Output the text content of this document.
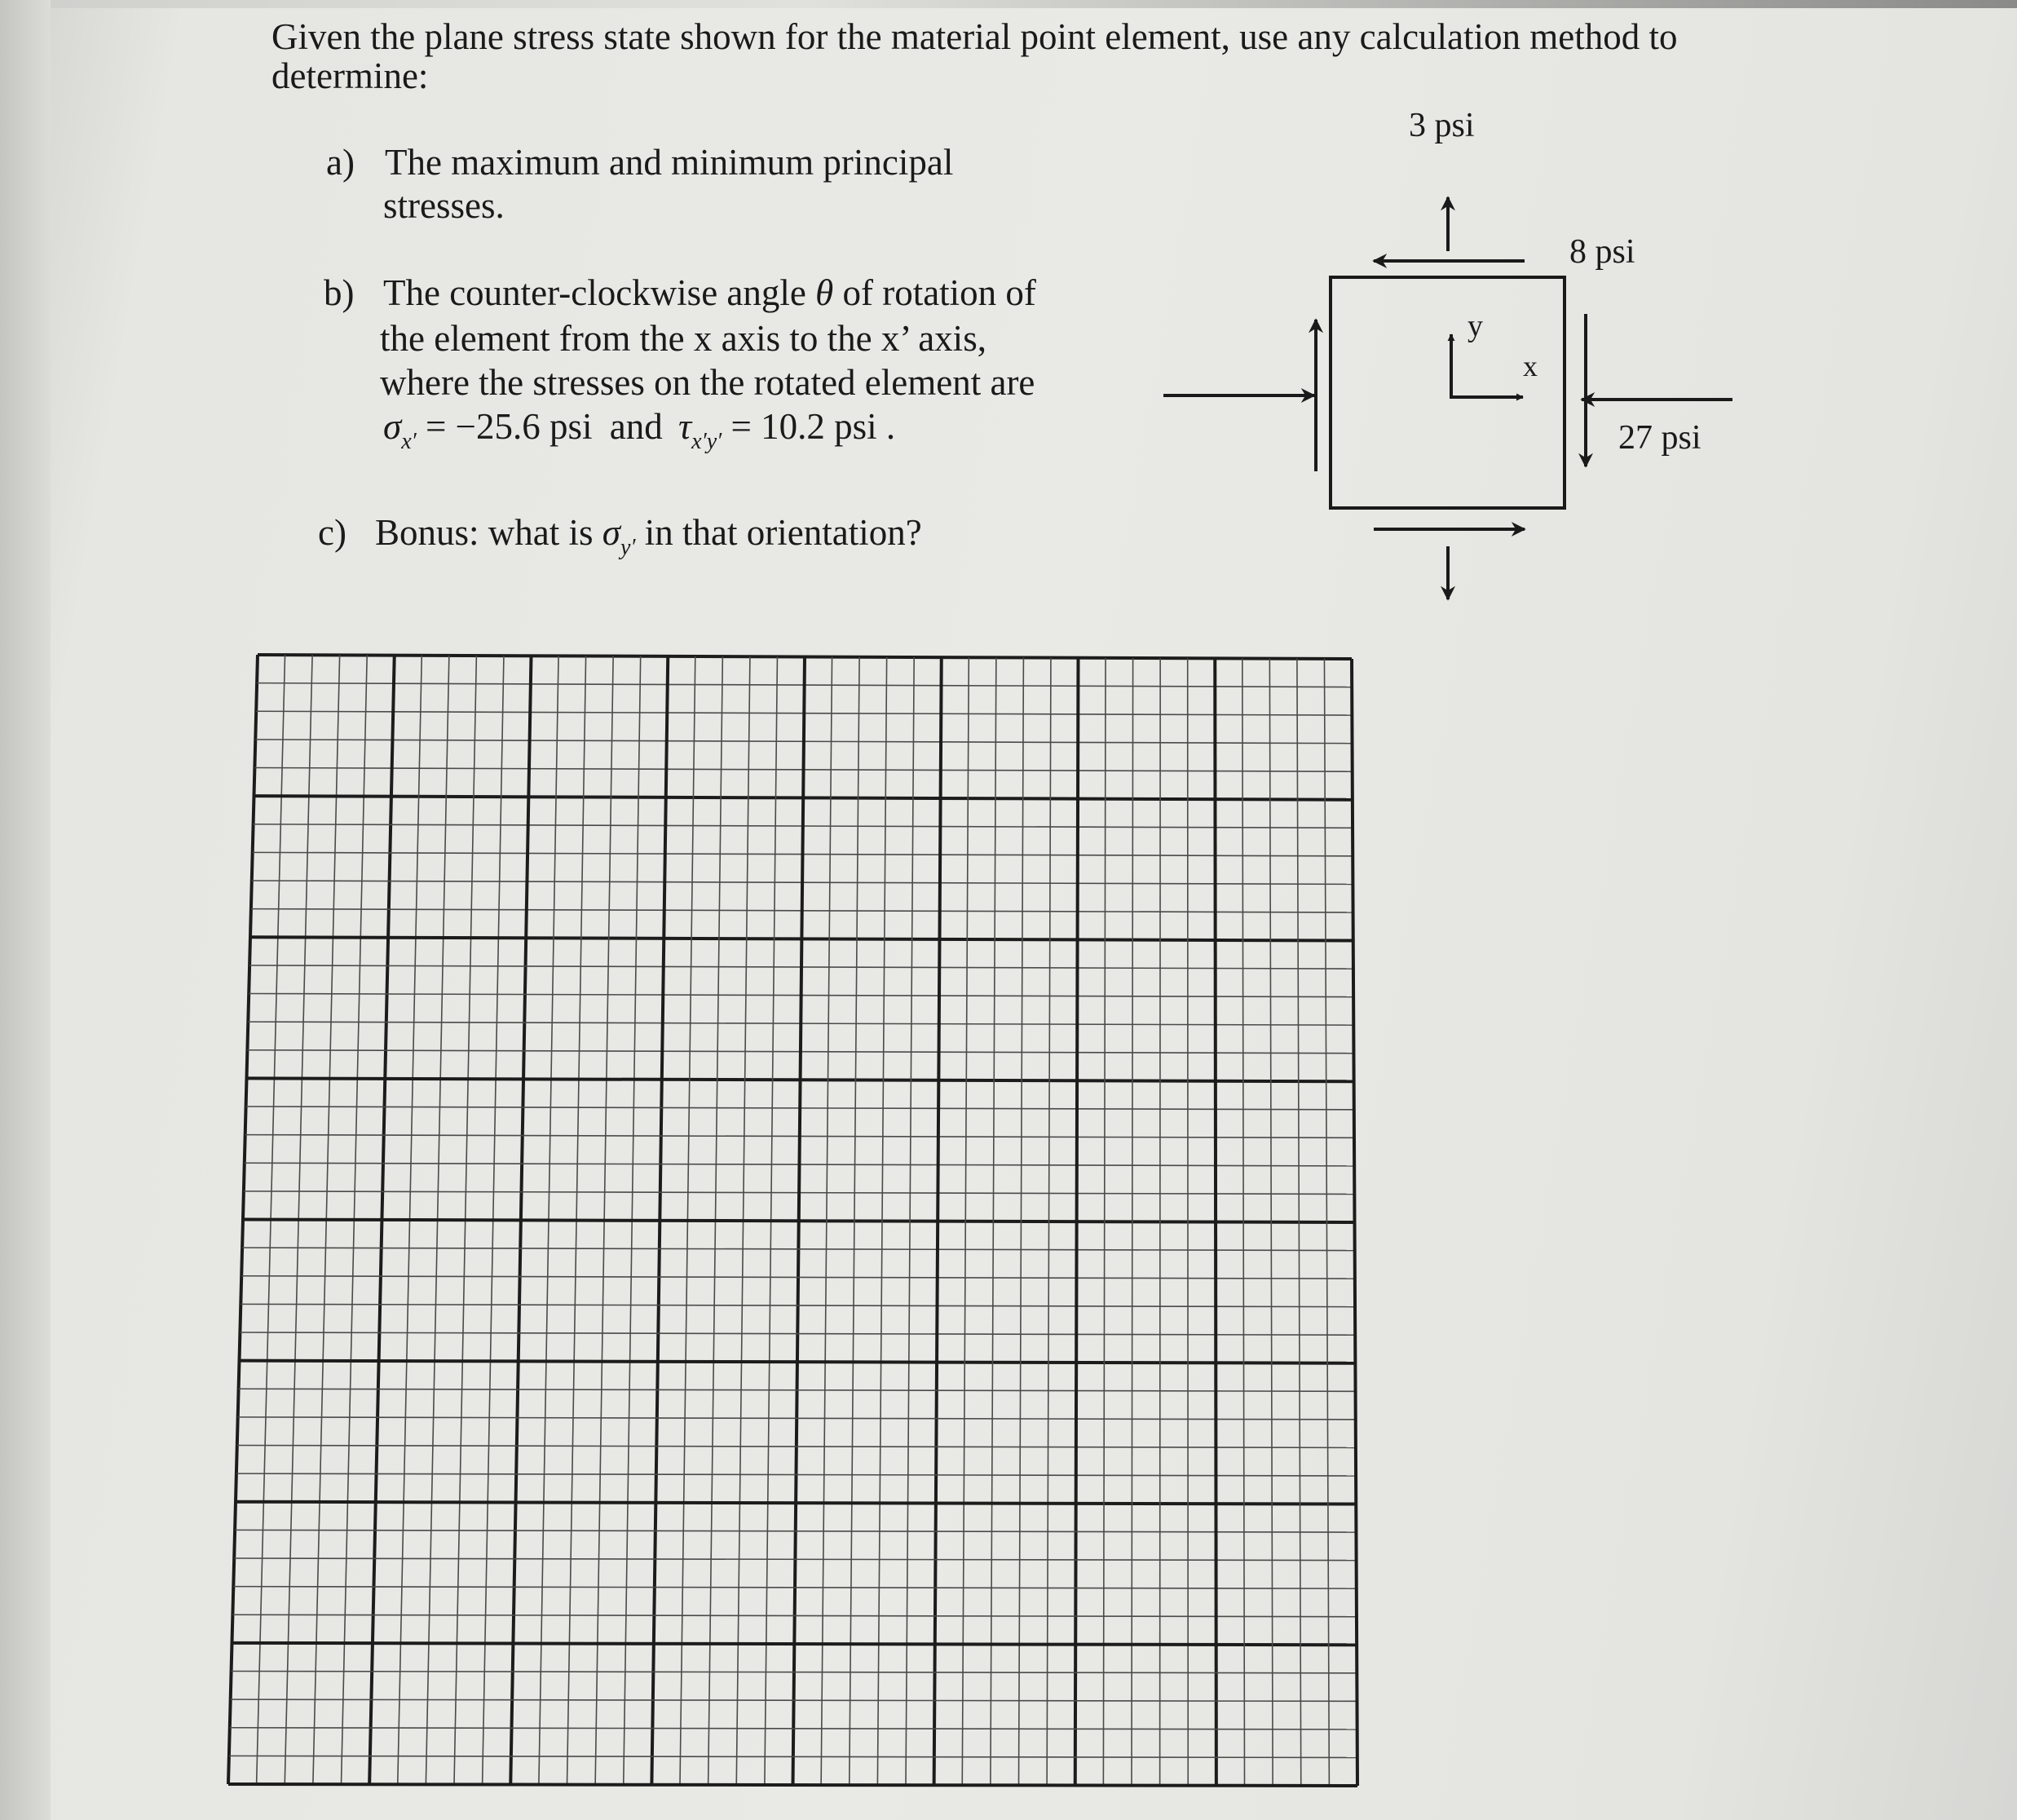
Given the plane stress state shown for the material point element, use any calculation method to
determine:
a) The maximum and minimum principal
stresses.
b) The counter-clockwise angle θ of rotation of
the element from the x axis to the x’ axis,
where the stresses on the rotated element are
$\sigma_{x'} = -25.6$ psi and $\tau_{x'y'} = 10.2$ psi .
c) Bonus: what is $\sigma_{y'}$ in that orientation?
3 psi
8 psi
27 psi
y
x
